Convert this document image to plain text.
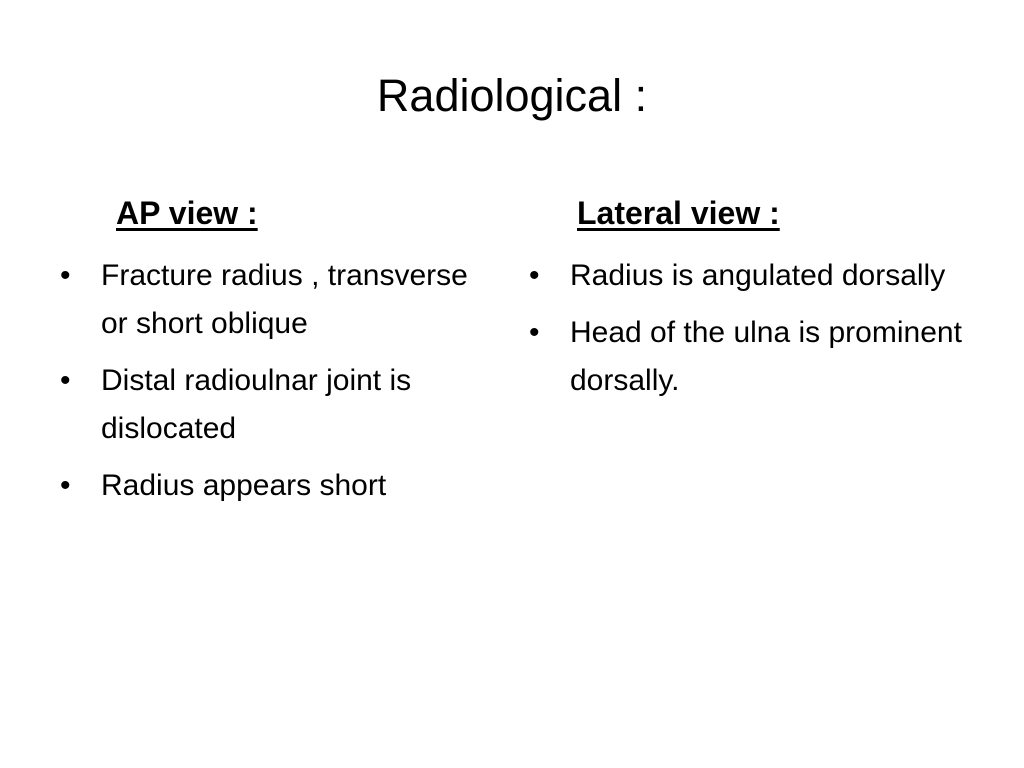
Radiological :
AP view :
•	Fracture radius , transverse or short oblique
•	Distal radioulnar joint is dislocated
•	Radius appears short
Lateral view :
•	Radius is angulated dorsally
•	Head of the ulna is prominent dorsally.
